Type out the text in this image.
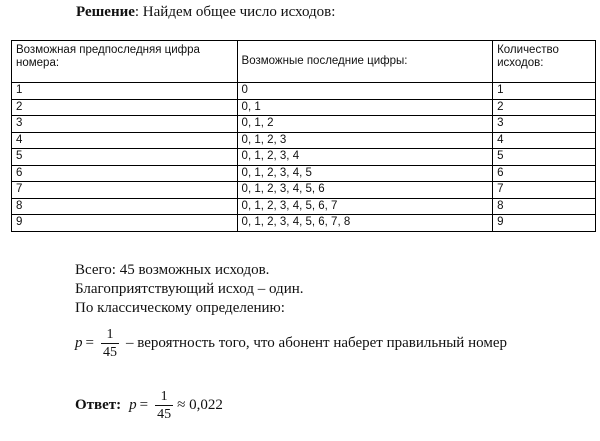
Решение: Найдем общее число исходов:
Возможная предпоследняя цифра номера:	Возможные последние цифры:	Количество исходов:
1	0	1
2	0, 1	2
3	0, 1, 2	3
4	0, 1, 2, 3	4
5	0, 1, 2, 3, 4	5
6	0, 1, 2, 3, 4, 5	6
7	0, 1, 2, 3, 4, 5, 6	7
8	0, 1, 2, 3, 4, 5, 6, 7	8
9	0, 1, 2, 3, 4, 5, 6, 7, 8	9
Всего: 45 возможных исходов.
Благоприятствующий исход – один.
По классическому определению:
$p = \frac{1}{45}$ – вероятность того, что абонент наберет правильный номер
Ответ: $p = \frac{1}{45} \approx 0,022$
